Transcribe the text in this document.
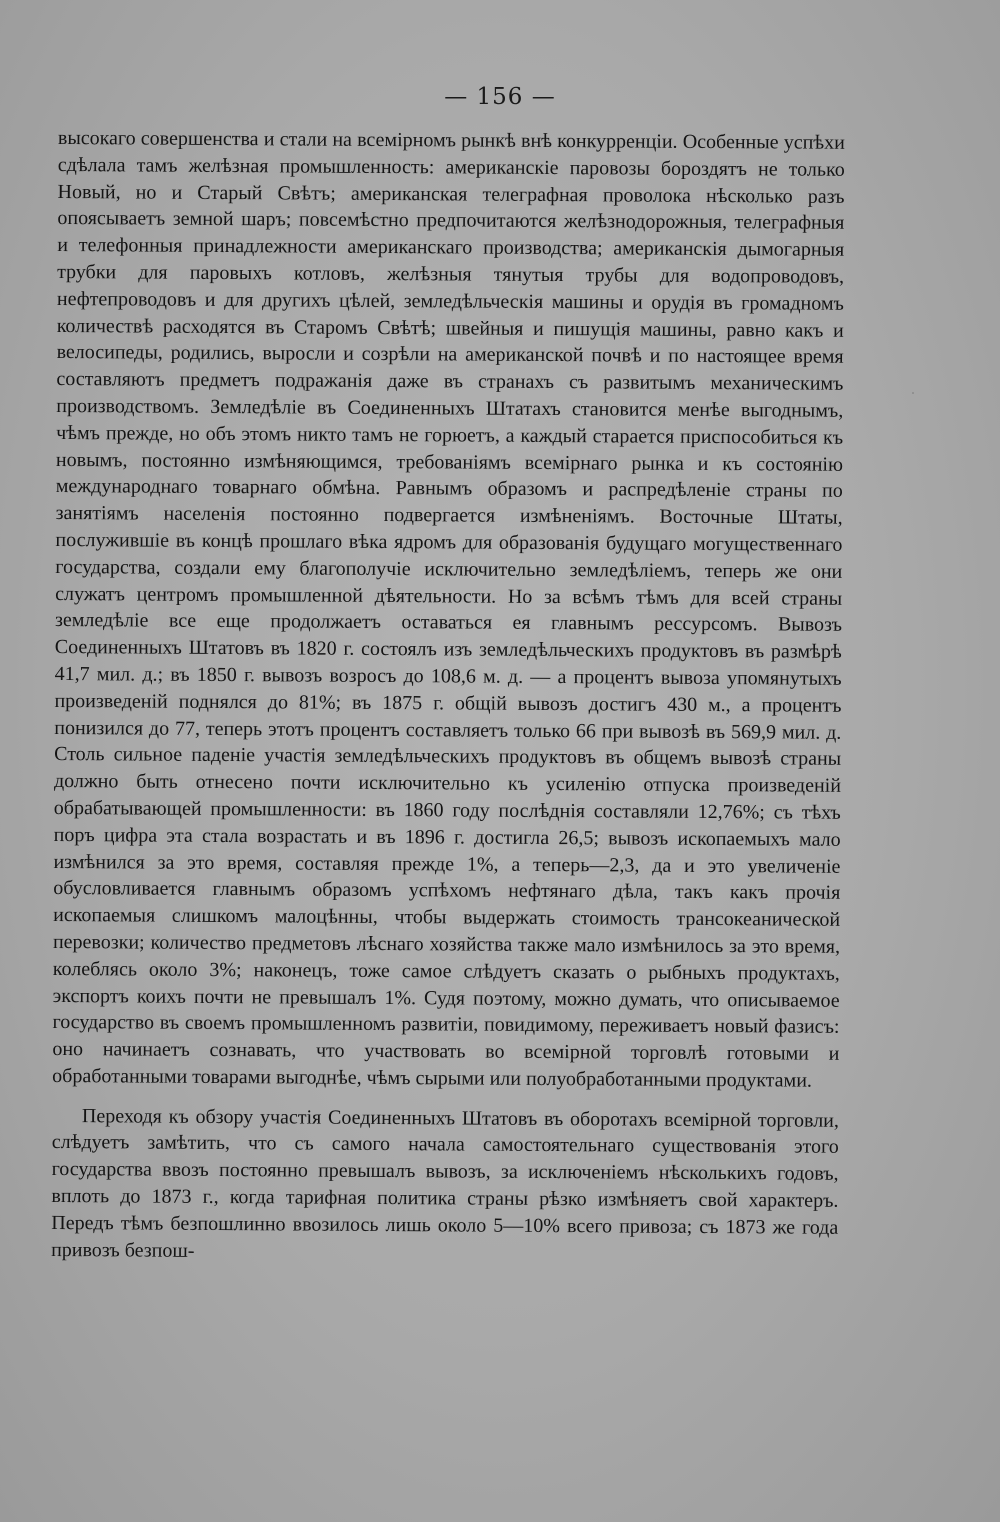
— 156 —

высокаго совершенства и стали на всемірномъ рынкѣ внѣ конкурренціи. Особенные успѣхи сдѣлала тамъ желѣзная промышленность: американскіе паровозы бороздятъ не только Новый, но и Старый Свѣтъ; американская телеграфная проволока нѣсколько разъ опоясываетъ земной шаръ; повсемѣстно предпочитаются желѣзнодорожныя, телеграфныя и телефонныя принадлежности американскаго производства; американскія дымогарныя трубки для паровыхъ котловъ, желѣзныя тянутыя трубы для водопроводовъ, нефтепроводовъ и для другихъ цѣлей, земледѣльческія машины и орудія въ громадномъ количествѣ расходятся въ Старомъ Свѣтѣ; швейныя и пишущія машины, равно какъ и велосипеды, родились, выросли и созрѣли на американской почвѣ и по настоящее время составляютъ предметъ подражанія даже въ странахъ съ развитымъ механическимъ производствомъ. Земледѣліе въ Соединенныхъ Штатахъ становится менѣе выгоднымъ, чѣмъ прежде, но объ этомъ никто тамъ не горюетъ, а каждый старается приспособиться къ новымъ, постоянно измѣняющимся, требованіямъ всемірнаго рынка и къ состоянію международнаго товарнаго обмѣна. Равнымъ образомъ и распредѣленіе страны по занятіямъ населенія постоянно подвергается измѣненіямъ. Восточные Штаты, послужившіе въ концѣ прошлаго вѣка ядромъ для образованія будущаго могущественнаго государства, создали ему благополучіе исключительно земледѣліемъ, теперь же они служатъ центромъ промышленной дѣятельности. Но за всѣмъ тѣмъ для всей страны земледѣліе все еще продолжаетъ оставаться ея главнымъ рессурсомъ. Вывозъ Соединенныхъ Штатовъ въ 1820 г. состоялъ изъ земледѣльческихъ продуктовъ въ размѣрѣ 41,7 мил. д.; въ 1850 г. вывозъ возросъ до 108,6 м. д. — а процентъ вывоза упомянутыхъ произведеній поднялся до 81%; въ 1875 г. общій вывозъ достигъ 430 м., а процентъ понизился до 77, теперь этотъ процентъ составляетъ только 66 при вывозѣ въ 569,9 мил. д. Столь сильное паденіе участія земледѣльческихъ продуктовъ въ общемъ вывозѣ страны должно быть отнесено почти исключительно къ усиленію отпуска произведеній обрабатывающей промышленности: въ 1860 году послѣднія составляли 12,76%; съ тѣхъ поръ цифра эта стала возрастать и въ 1896 г. достигла 26,5; вывозъ ископаемыхъ мало измѣнился за это время, составляя прежде 1%, а теперь—2,3, да и это увеличеніе обусловливается главнымъ образомъ успѣхомъ нефтянаго дѣла, такъ какъ прочія ископаемыя слишкомъ малоцѣнны, чтобы выдержать стоимость трансокеанической перевозки; количество предметовъ лѣснаго хозяйства также мало измѣнилось за это время, колеблясь около 3%; наконецъ, тоже самое слѣдуетъ сказать о рыбныхъ продуктахъ, экспортъ коихъ почти не превышалъ 1%. Судя поэтому, можно думать, что описываемое государство въ своемъ промышленномъ развитіи, повидимому, переживаетъ новый фазисъ: оно начинаетъ сознавать, что участвовать во всемірной торговлѣ готовыми и обработанными товарами выгоднѣе, чѣмъ сырыми или полуобработанными продуктами.

Переходя къ обзору участія Соединенныхъ Штатовъ въ оборотахъ всемірной торговли, слѣдуетъ замѣтить, что съ самого начала самостоятельнаго существованія этого государства ввозъ постоянно превышалъ вывозъ, за исключеніемъ нѣсколькихъ годовъ, вплоть до 1873 г., когда тарифная политика страны рѣзко измѣняетъ свой характеръ. Передъ тѣмъ безпошлинно ввозилось лишь около 5—10% всего привоза; съ 1873 же года привозъ безпош-
